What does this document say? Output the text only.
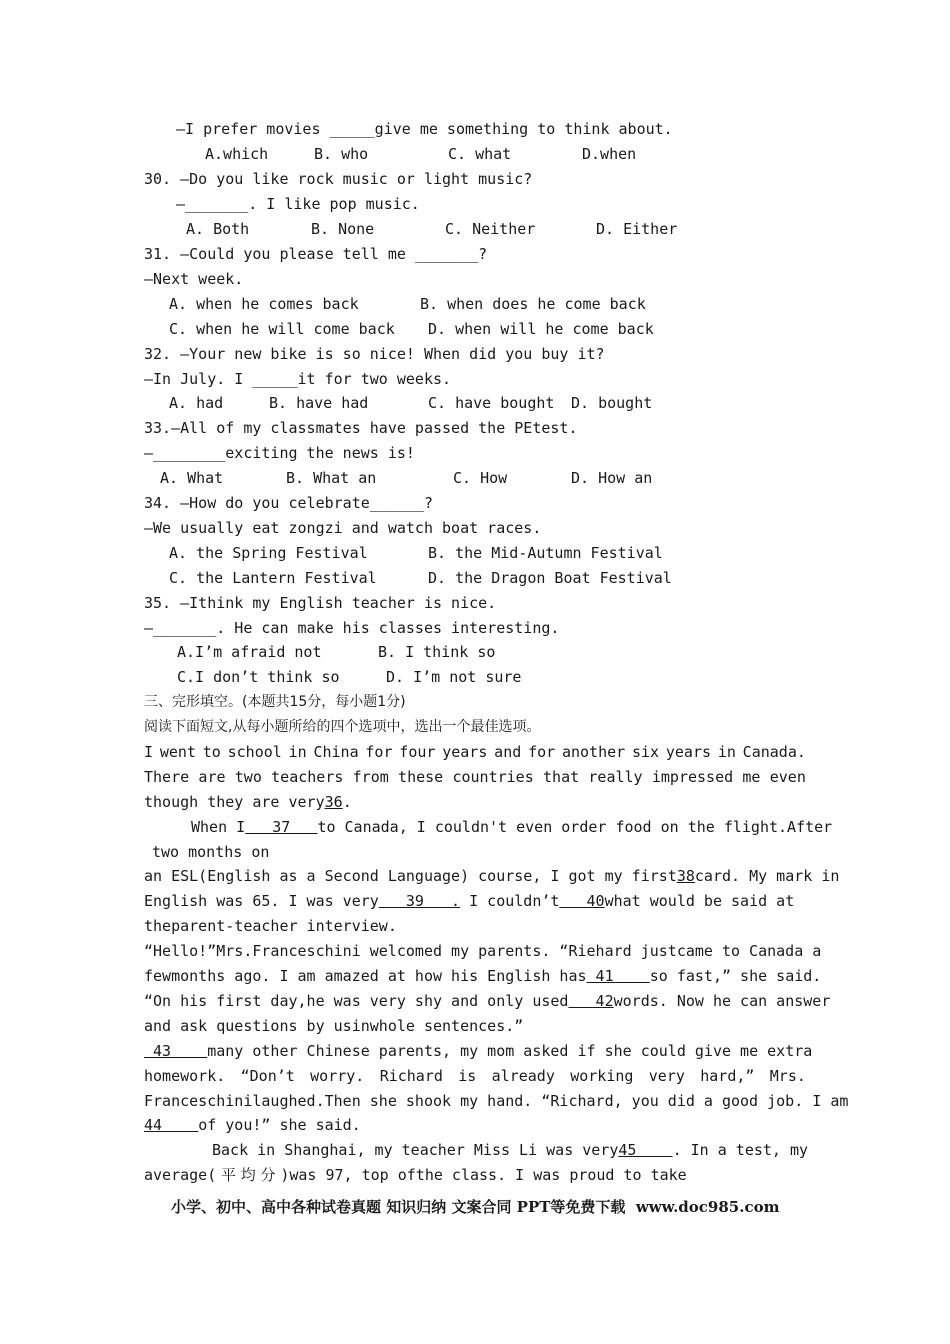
—I prefer movies _____give me something to think about.
A.which	B. who	C. what	D.when
30. —Do you like rock music or light music?
—_______. I like pop music.
A. Both	B. None	C. Neither	D. Either
31. —Could you please tell me _______?
—Next week.
A. when he comes back	B. when does he come back
C. when he will come back D. when will he come back
32. —Your new bike is so nice! When did you buy it?
—In July. I _____it for two weeks.
A. had	B. have had	C. have bought D. bought
33.—All of my classmates have passed the PEtest.
—________exciting the news is!
A. What	B. What an	C. How	D. How an
34. —How do you celebrate______?
—We usually eat zongzi and watch boat races.
A. the Spring Festival	B. the Mid-Autumn Festival
C. the Lantern Festival	D. the Dragon Boat Festival
35. —Ithink my English teacher is nice.
—_______. He can make his classes interesting.
A.I’m afraid not	B. I think so
C.I don’t think so	D. I’m not sure
三、完形填空。(本题共15分，每小题1分)
阅读下面短文,从每小题所给的四个选项中，选出一个最佳选项。
I went to school in China for four years and for another six years in Canada.
There are two teachers from these countries that really impressed me even
though they are very36.
When I   37   to Canada, I couldn't even order food on the flight.After
two months on
an ESL(English as a Second Language) course, I got my first38card. My mark in
English was 65. I was very   39   . I couldn’t   40what would be said at
theparent-teacher interview.
“Hello!”Mrs.Franceschini welcomed my parents. “Riehard justcame to Canada a
fewmonths ago. I am amazed at how his English has 41    so fast,” she said.
“On his first day,he was very shy and only used   42words. Now he can answer
and ask questions by usinwhole sentences.”
43    many other Chinese parents, my mom asked if she could give me extra
homework. “Don’t worry. Richard is already working very hard,” Mrs.
Franceschinilaughed.Then she shook my hand. “Richard, you did a good job. I am
44    of you!” she said.
Back in Shanghai, my teacher Miss Li was very45    . In a test, my
average( 平 均 分 )was 97, top ofthe class. I was proud to take
小学、初中、高中各种试卷真题 知识归纳 文案合同 PPT等免费下载  www.doc985.com
